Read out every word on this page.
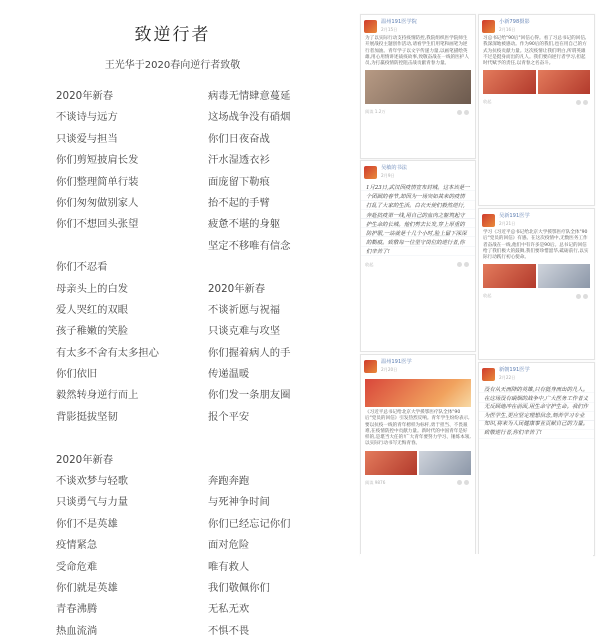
致逆行者
王光华于2020春向逆行者致敬
2020年新春
不谈诗与远方
只谈爱与担当
你们剪短披肩长发
你们整理简单行装
你们匆匆做别家人
你们不想回头张望
你们不忍看
母亲头上的白发
爱人哭红的双眼
孩子稚嫩的笑脸
有太多不舍有太多担心
你们依旧
毅然转身逆行而上
背影挺拔坚韧
2020年新春
不谈欢梦与轻歌
只谈勇气与力量
你们不是英雄
疫情紧急
受命危难
你们就是英雄
青春沸腾
热血流淌
病毒无情肆意蔓延
这场战争没有硝烟
你们日夜奋战
汗水湿透衣衫
面庞留下勒痕
抬不起的手臂
疲惫不堪的身躯
坚定不移唯有信念
2020年新春
不谈祈愿与祝福
只谈克难与攻坚
你们握着病人的手
传递温暖
你们发一条朋友圈
报个平安
奔跑奔跑
与死神争时间
你们已经忘记你们
面对危险
唯有救人
我们敬佩你们
无私无欢
不惧不畏
温州191医学院
2月15日
为了以实际行动支持疫情防控,我院组织医学院师生开展战役主题创作活动,请看学生们用笔和画笔为逆行者加油。青年学子以文字传递力量,以画笔描绘英雄,用心用情讲述战疫故事,致敬奋战在一线的医护人员,为打赢疫情防控阻击战贡献青春力量。
阅读 1.2万
吴敏的书法
2月9日
1月23日,武汉因疫情宣布封城。这本该是一个团圆的春节,却因为一场突如其来的疫情打乱了大家的生活。白衣天使们毅然逆行,奔赴抗疫第一线,用自己的血肉之躯筑起守护生命的长城。他们剪去长发,穿上厚重的防护服,一站就是十几个小时,脸上留下深深的勒痕。致敬每一位坚守岗位的逆行者,你们辛苦了!
收起
温州191医学
2月20日
《习近平总书记给北京大学援鄂医疗队全体"90后"党员的回信》引发热烈反响。青年学生纷纷表示,要以抗疫一线的青年榜样为标杆,勇于担当、不畏艰难,在疫情防控中贡献力量。新时代的中国青年是好样的,是堪当大任的!广大青年要努力学习、锤炼本领,以实际行动书写无悔青春。
阅读 9876
小新798摄影
2月16日
习总书记给"90后"回信心得。看了习总书记的回信,我深深地被感动。作为90后的我们,也在用自己的方式为抗疫贡献力量。这次疫情让我们明白,所谓英雄不过是挺身而出的凡人。我们要向逆行者学习,担起时代赋予的责任,以青春之名奋斗。
收起
吴新191医学
2月21日
学习《习近平总书记给北京大学援鄂医疗队全体"90后"党员的回信》有感。在这次疫情中,无数医务工作者奋战在一线,他们中有许多是90后。总书记的回信给了我们极大的鼓舞,我们要珍惜韶华,砥砺前行,以实际行动践行初心使命。
收起
新朝191医学
2月22日
没有从天而降的英雄,只有挺身而出的凡人。在这场没有硝烟的战争中,广大医务工作者义无反顾地冲在前面,用生命守护生命。我们作为医学生,更应坚定理想信念,刻苦学习专业知识,将来为人民健康事业贡献自己的力量。致敬逆行者,你们辛苦了!
